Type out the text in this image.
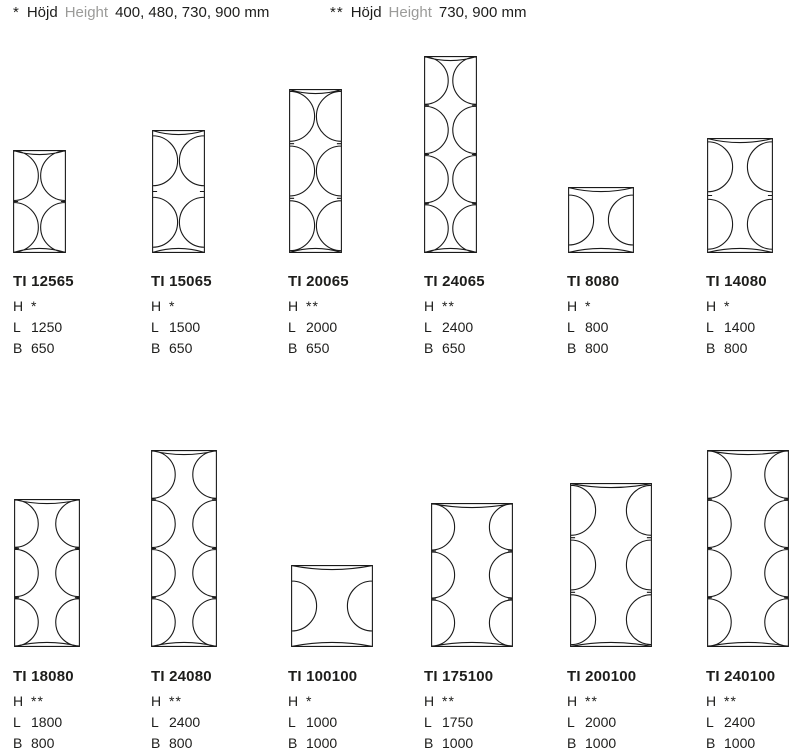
* Höjd Height 400, 480, 730, 900 mm	** Höjd Height 730, 900 mm
TI 12565
H *
L 1250
B 650
TI 15065
H *
L 1500
B 650
TI 20065
H **
L 2000
B 650
TI 24065
H **
L 2400
B 650
TI 8080
H *
L 800
B 800
TI 14080
H *
L 1400
B 800
TI 18080
H **
L 1800
B 800
TI 24080
H **
L 2400
B 800
TI 100100
H *
L 1000
B 1000
TI 175100
H **
L 1750
B 1000
TI 200100
H **
L 2000
B 1000
TI 240100
H **
L 2400
B 1000
